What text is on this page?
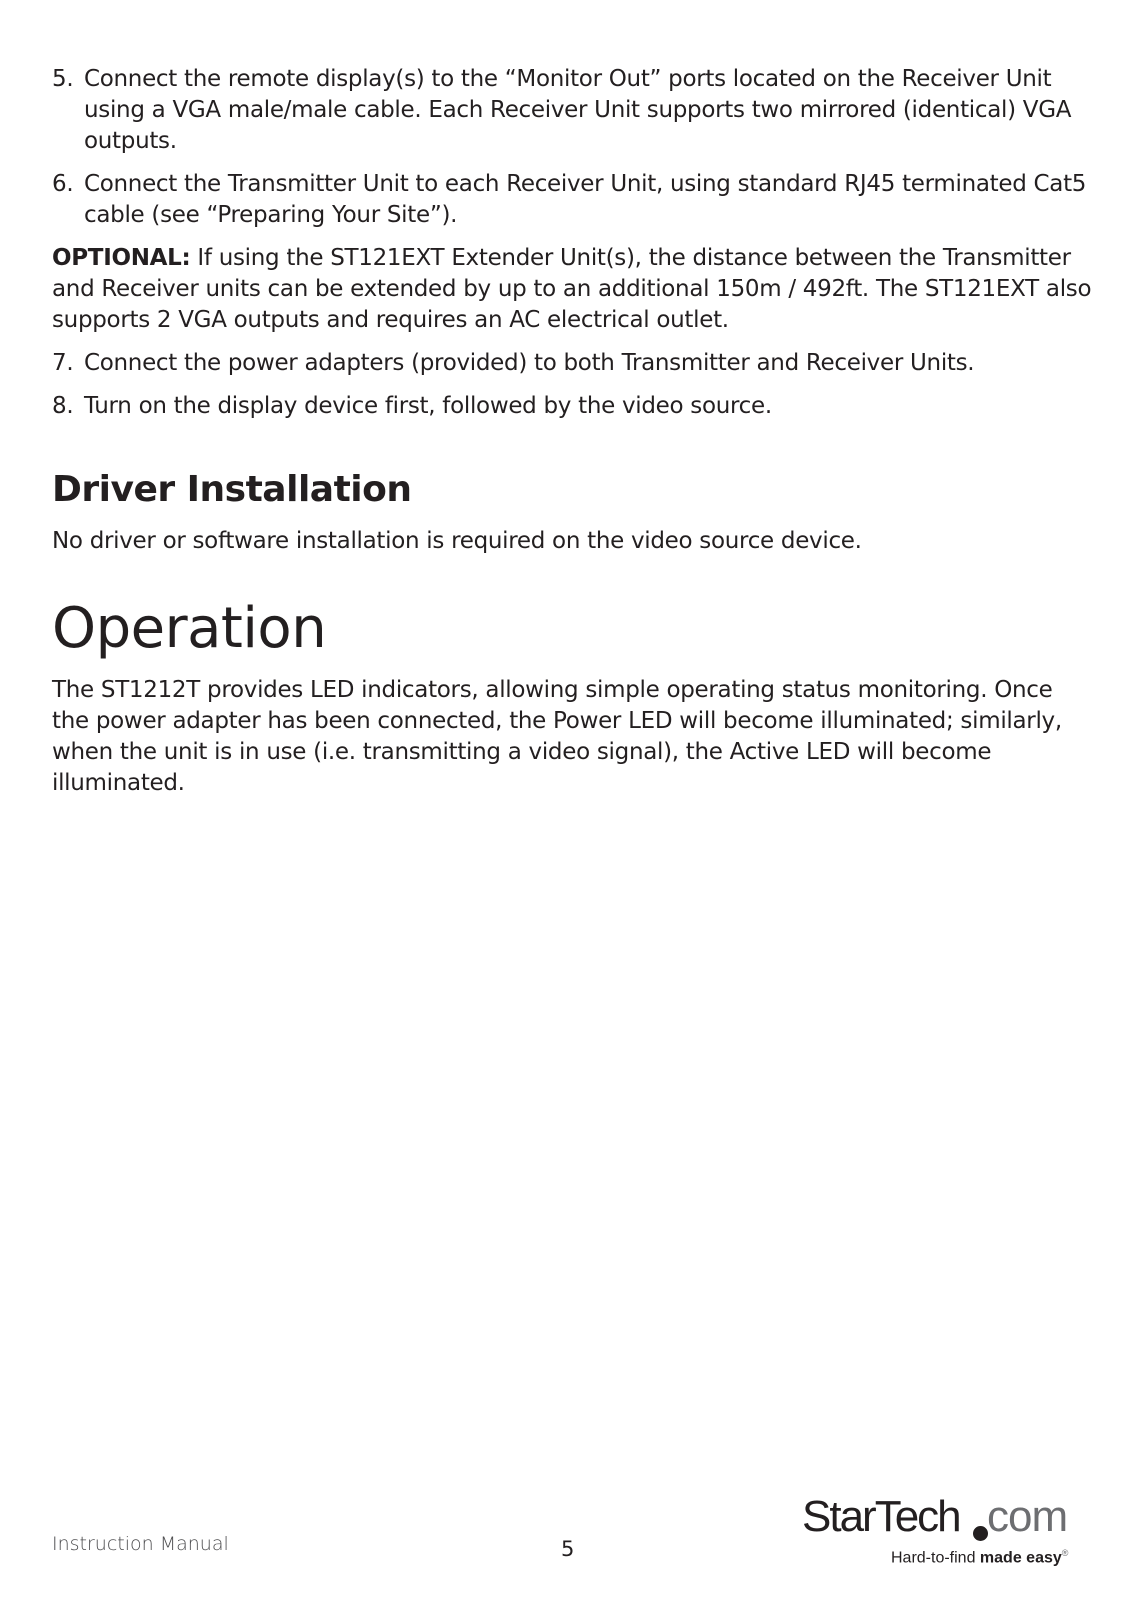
5. Connect the remote display(s) to the “Monitor Out” ports located on the Receiver Unit using a VGA male/male cable. Each Receiver Unit supports two mirrored (identical) VGA outputs.
6. Connect the Transmitter Unit to each Receiver Unit, using standard RJ45 terminated Cat5 cable (see “Preparing Your Site”).

OPTIONAL: If using the ST121EXT Extender Unit(s), the distance between the Transmitter and Receiver units can be extended by up to an additional 150m / 492ft. The ST121EXT also supports 2 VGA outputs and requires an AC electrical outlet.

7. Connect the power adapters (provided) to both Transmitter and Receiver Units.
8. Turn on the display device first, followed by the video source.
Driver Installation

No driver or software installation is required on the video source device.

Operation

The ST1212T provides LED indicators, allowing simple operating status monitoring. Once the power adapter has been connected, the Power LED will become illuminated; similarly, when the unit is in use (i.e. transmitting a video signal), the Active LED will become illuminated.

Instruction Manual	5
StarTech com
Hard-to-find made easy®
